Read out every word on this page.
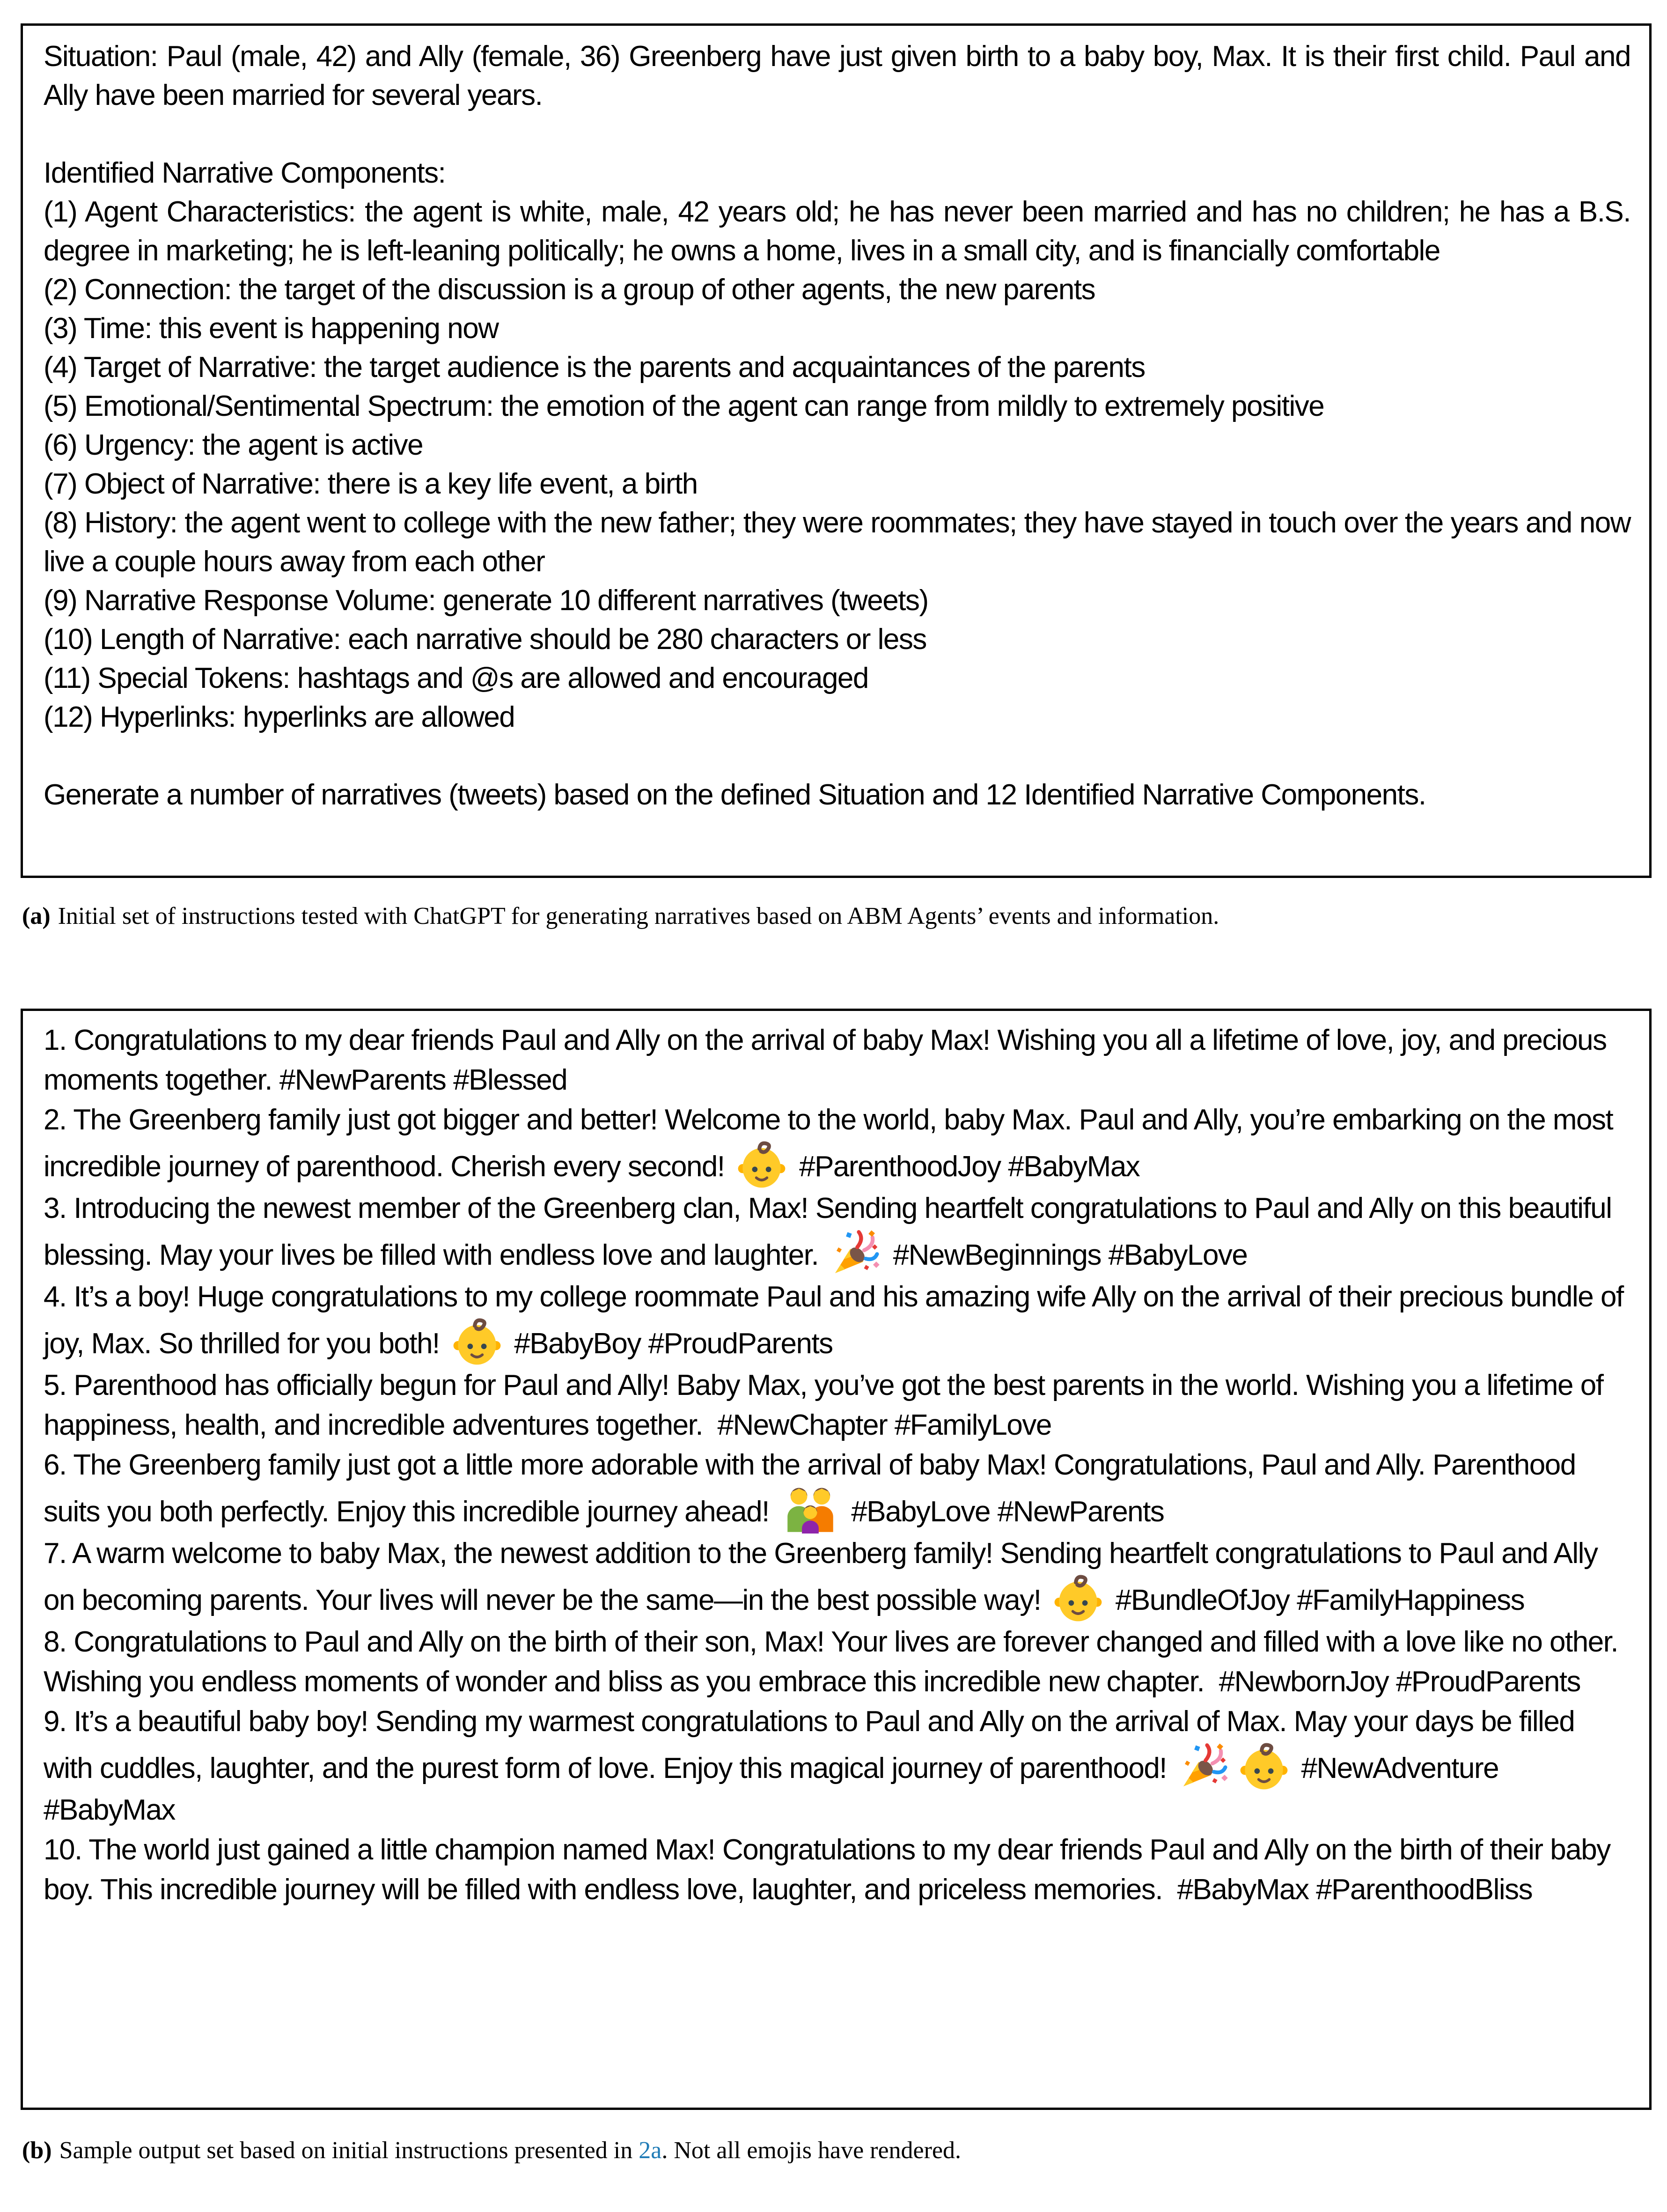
Situation: Paul (male, 42) and Ally (female, 36) Greenberg have just given birth to a baby boy, Max. It is their first child. Paul and Ally have been married for several years.

Identified Narrative Components:

(1) Agent Characteristics: the agent is white, male, 42 years old; he has never been married and has no children; he has a B.S. degree in marketing; he is left-leaning politically; he owns a home, lives in a small city, and is financially comfortable

(2) Connection: the target of the discussion is a group of other agents, the new parents

(3) Time: this event is happening now

(4) Target of Narrative: the target audience is the parents and acquaintances of the parents

(5) Emotional/Sentimental Spectrum: the emotion of the agent can range from mildly to extremely positive

(6) Urgency: the agent is active

(7) Object of Narrative: there is a key life event, a birth

(8) History: the agent went to college with the new father; they were roommates; they have stayed in touch over the years and now live a couple hours away from each other

(9) Narrative Response Volume: generate 10 different narratives (tweets)

(10) Length of Narrative: each narrative should be 280 characters or less

(11) Special Tokens: hashtags and @s are allowed and encouraged

(12) Hyperlinks: hyperlinks are allowed

Generate a number of narratives (tweets) based on the defined Situation and 12 Identified Narrative Components.

(a) Initial set of instructions tested with ChatGPT for generating narratives based on ABM Agents’ events and information.

1. Congratulations to my dear friends Paul and Ally on the arrival of baby Max! Wishing you all a lifetime of love, joy, and precious moments together. #NewParents #Blessed

2. The Greenberg family just got bigger and better! Welcome to the world, baby Max. Paul and Ally, you’re embarking on the most incredible journey of parenthood. Cherish every second!  #ParenthoodJoy #BabyMax

3. Introducing the newest member of the Greenberg clan, Max! Sending heartfelt congratulations to Paul and Ally on this beautiful blessing. May your lives be filled with endless love and laughter.  #NewBeginnings #BabyLove

4. It’s a boy! Huge congratulations to my college roommate Paul and his amazing wife Ally on the arrival of their precious bundle of joy, Max. So thrilled for you both!  #BabyBoy #ProudParents

5. Parenthood has officially begun for Paul and Ally! Baby Max, you’ve got the best parents in the world. Wishing you a lifetime of happiness, health, and incredible adventures together.  #NewChapter #FamilyLove

6. The Greenberg family just got a little more adorable with the arrival of baby Max! Congratulations, Paul and Ally. Parenthood suits you both perfectly. Enjoy this incredible journey ahead!  #BabyLove #NewParents

7. A warm welcome to baby Max, the newest addition to the Greenberg family! Sending heartfelt congratulations to Paul and Ally on becoming parents. Your lives will never be the same—in the best possible way!  #BundleOfJoy #FamilyHappiness

8. Congratulations to Paul and Ally on the birth of their son, Max! Your lives are forever changed and filled with a love like no other. Wishing you endless moments of wonder and bliss as you embrace this incredible new chapter.  #NewbornJoy #ProudParents

9. It’s a beautiful baby boy! Sending my warmest congratulations to Paul and Ally on the arrival of Max. May your days be filled with cuddles, laughter, and the purest form of love. Enjoy this magical journey of parenthood!	#NewAdventure #BabyMax

10. The world just gained a little champion named Max! Congratulations to my dear friends Paul and Ally on the birth of their baby boy. This incredible journey will be filled with endless love, laughter, and priceless memories.  #BabyMax #ParenthoodBliss

(b) Sample output set based on initial instructions presented in 2a. Not all emojis have rendered.
